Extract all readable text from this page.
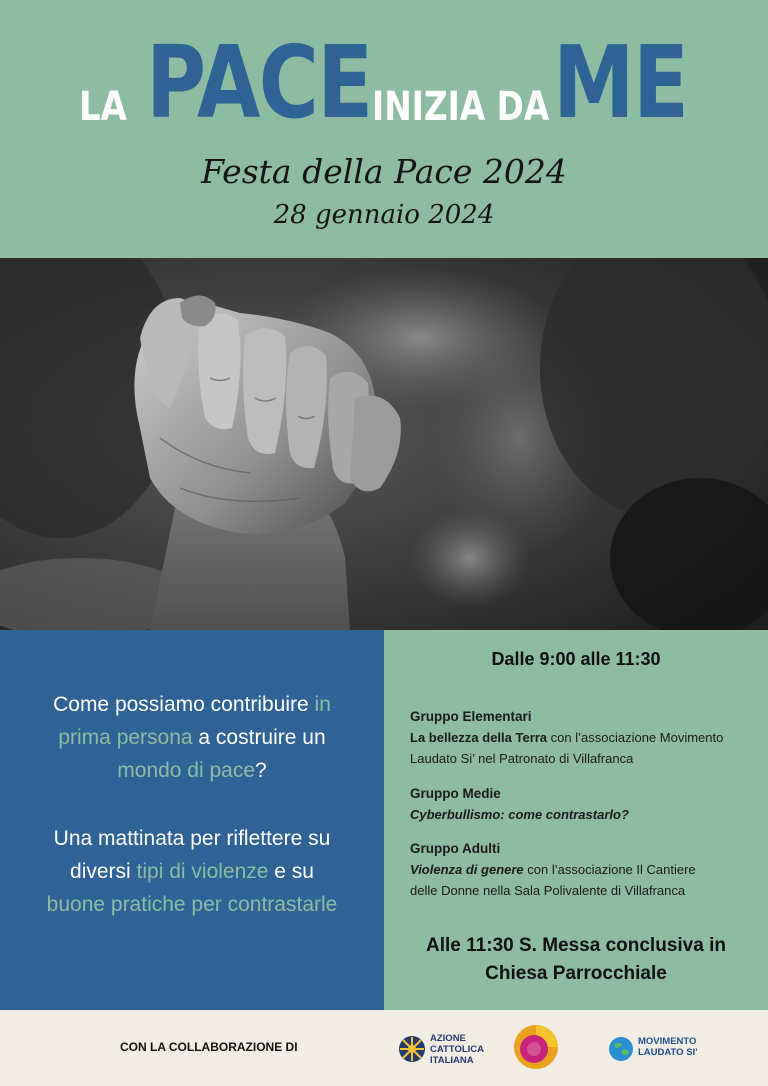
LA PACE INIZIA DA ME
Festa della Pace 2024
28 gennaio 2024
Come possiamo contribuire in
prima persona a costruire un
mondo di pace?
Una mattinata per riflettere su
diversi tipi di violenze e su
buone pratiche per contrastarle
Dalle 9:00 alle 11:30
Gruppo Elementari
La bellezza della Terra con l’associazione Movimento
Laudato Si’ nel Patronato di Villafranca
Gruppo Medie
Cyberbullismo: come contrastarlo?
Gruppo Adulti
Violenza di genere con l’associazione Il Cantiere
delle Donne nella Sala Polivalente di Villafranca
Alle 11:30 S. Messa conclusiva in
Chiesa Parrocchiale
CON LA COLLABORAZIONE DI
AZIONE
CATTOLICA
ITALIANA
MOVIMENTO
LAUDATO SI’
